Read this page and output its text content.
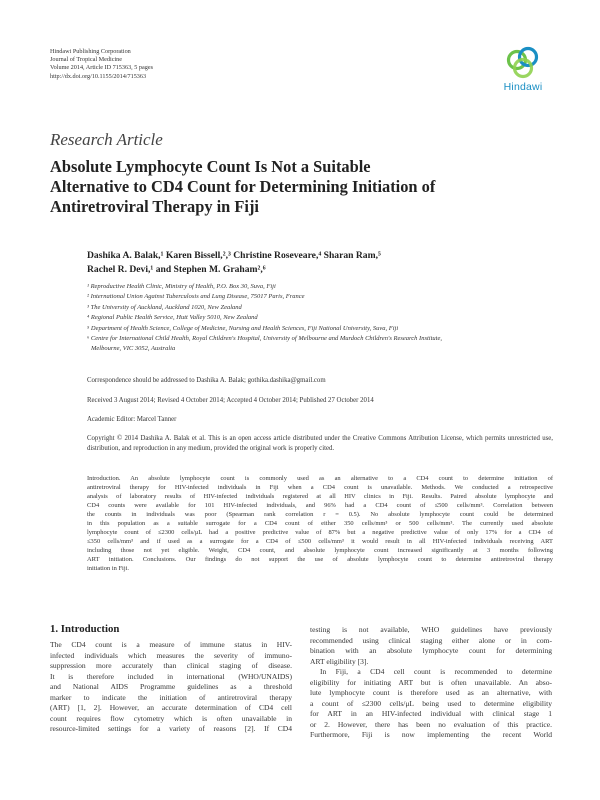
Hindawi Publishing Corporation
Journal of Tropical Medicine
Volume 2014, Article ID 715363, 5 pages
http://dx.doi.org/10.1155/2014/715363
Hindawi
Research Article
Absolute Lymphocyte Count Is Not a Suitable
Alternative to CD4 Count for Determining Initiation of
Antiretroviral Therapy in Fiji
Dashika A. Balak,¹ Karen Bissell,²,³ Christine Roseveare,⁴ Sharan Ram,⁵
Rachel R. Devi,¹ and Stephen M. Graham²,⁶
¹ Reproductive Health Clinic, Ministry of Health, P.O. Box 30, Suva, Fiji
² International Union Against Tuberculosis and Lung Disease, 75017 Paris, France
³ The University of Auckland, Auckland 1020, New Zealand
⁴ Regional Public Health Service, Hutt Valley 5010, New Zealand
⁵ Department of Health Science, College of Medicine, Nursing and Health Sciences, Fiji National University, Suva, Fiji
⁶ Centre for International Child Health, Royal Children's Hospital, University of Melbourne and Murdoch Children's Research Institute,
Melbourne, VIC 3052, Australia
Correspondence should be addressed to Dashika A. Balak; gothika.dashika@gmail.com
Received 3 August 2014; Revised 4 October 2014; Accepted 4 October 2014; Published 27 October 2014
Academic Editor: Marcel Tanner
Copyright © 2014 Dashika A. Balak et al. This is an open access article distributed under the Creative Commons Attribution License, which permits unrestricted use, distribution, and reproduction in any medium, provided the original work is properly cited.
Introduction. An absolute lymphocyte count is commonly used as an alternative to a CD4 count to determine initiation of
antiretroviral therapy for HIV-infected individuals in Fiji when a CD4 count is unavailable. Methods. We conducted a retrospective
analysis of laboratory results of HIV-infected individuals registered at all HIV clinics in Fiji. Results. Paired absolute lymphocyte and
CD4 counts were available for 101 HIV-infected individuals, and 96% had a CD4 count of ≤500 cells/mm³. Correlation between
the counts in individuals was poor (Spearman rank correlation r = 0.5). No absolute lymphocyte count could be determined
in this population as a suitable surrogate for a CD4 count of either 350 cells/mm³ or 500 cells/mm³. The currently used absolute
lymphocyte count of ≤2300 cells/μL had a positive predictive value of 87% but a negative predictive value of only 17% for a CD4 of
≤350 cells/mm³ and if used as a surrogate for a CD4 of ≤500 cells/mm³ it would result in all HIV-infected individuals receiving ART
including those not yet eligible. Weight, CD4 count, and absolute lymphocyte count increased significantly at 3 months following
ART initiation. Conclusions. Our findings do not support the use of absolute lymphocyte count to determine antiretroviral therapy
initiation in Fiji.
1. Introduction
The CD4 count is a measure of immune status in HIV-
infected individuals which measures the severity of immuno-
suppression more accurately than clinical staging of disease.
It is therefore included in international (WHO/UNAIDS)
and National AIDS Programme guidelines as a threshold
marker to indicate the initiation of antiretroviral therapy
(ART) [1, 2]. However, an accurate determination of CD4 cell
count requires flow cytometry which is often unavailable in
resource-limited settings for a variety of reasons [2]. If CD4
testing is not available, WHO guidelines have previously
recommended using clinical staging either alone or in com-
bination with an absolute lymphocyte count for determining
ART eligibility [3].
In Fiji, a CD4 cell count is recommended to determine
eligibility for initiating ART but is often unavailable. An abso-
lute lymphocyte count is therefore used as an alternative, with
a count of ≤2300 cells/μL being used to determine eligibility
for ART in an HIV-infected individual with clinical stage 1
or 2. However, there has been no evaluation of this practice.
Furthermore, Fiji is now implementing the recent World
